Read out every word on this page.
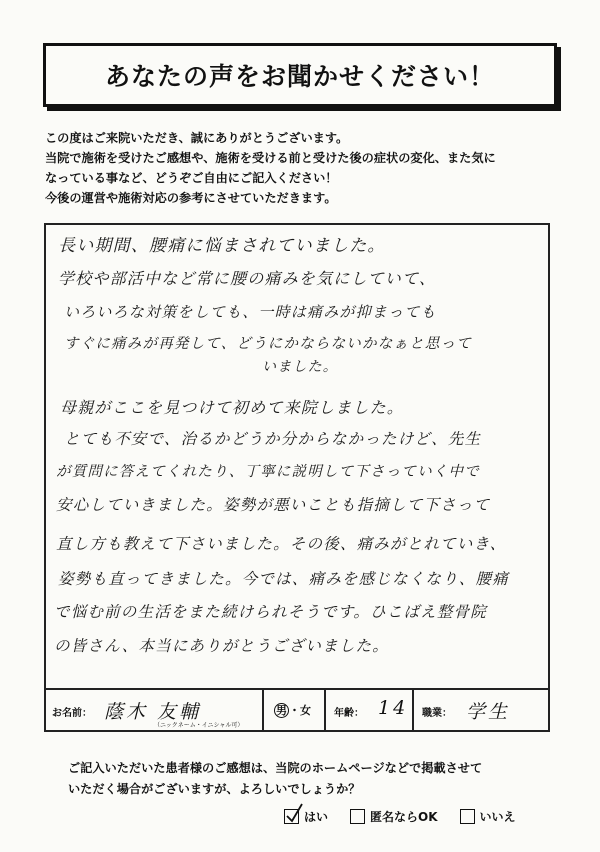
あなたの声をお聞かせください！
この度はご来院いただき、誠にありがとうございます。
当院で施術を受けたご感想や、施術を受ける前と受けた後の症状の変化、また気に
なっている事など、どうぞご自由にご記入ください！
今後の運営や施術対応の参考にさせていただきます。
長い期間、腰痛に悩まされていました。
学校や部活中など常に腰の痛みを気にしていて、
いろいろな対策をしても、一時は痛みが抑まっても
すぐに痛みが再発して、どうにかならないかなぁと思って
いました。
母親がここを見つけて初めて来院しました。
とても不安で、治るかどうか分からなかったけど、先生
が質問に答えてくれたり、丁寧に説明して下さっていく中で
安心していきました。姿勢が悪いことも指摘して下さって
直し方も教えて下さいました。その後、痛みがとれていき、
姿勢も直ってきました。今では、痛みを感じなくなり、腰痛
で悩む前の生活をまた続けられそうです。ひこばえ整骨院
の皆さん、本当にありがとうございました。
お名前： 蔭木 友輔
（ニックネーム・イニシャル可）
男 ・女 年齢： 14 職業： 学生
ご記入いただいた患者様のご感想は、当院のホームページなどで掲載させて
いただく場合がございますが、よろしいでしょうか？
はい	匿名ならOK	いいえ
